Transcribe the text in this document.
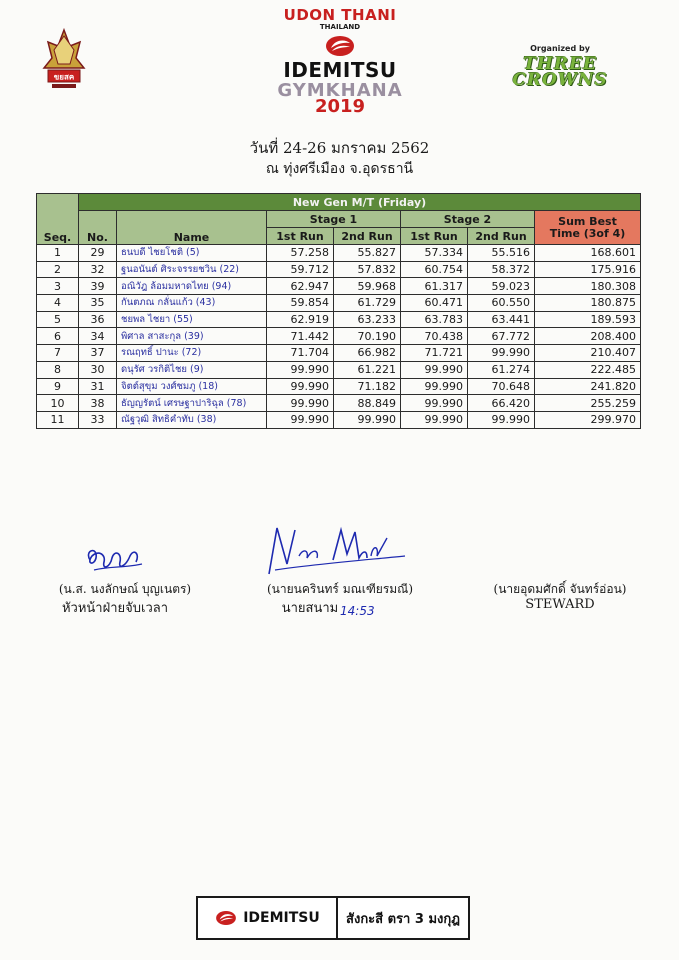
ขยสค
UDON THANI
THAILAND
IDEMITSU
GYMKHANA
2019
Organized by
THREE
CROWNS
วันที่ 24-26 มกราคม 2562
ณ ทุ่งศรีเมือง จ.อุดรธานี
Seq.	New Gen M/T (Friday)						
	No.	Name	Stage 1		Stage 2		Sum Best
Time (3of 4)

			1st Run	2nd Run	1st Run	2nd Run	
1	29	ธนบดี ไชยโชติ (5)	57.258	55.827	57.334	55.516	168.601
2	32	ฐนอนันต์ ศิระจรรยชวิน (22)	59.712	57.832	60.754	58.372	175.916
3	39	อณิวัฎ ล้อมมหาดไทย (94)	62.947	59.968	61.317	59.023	180.308
4	35	กันตภณ กลั่นแก้ว (43)	59.854	61.729	60.471	60.550	180.875
5	36	ชยพล ไชยา (55)	62.919	63.233	63.783	63.441	189.593
6	34	พิศาล สาสะกุล (39)	71.442	70.190	70.438	67.772	208.400
7	37	รณฤทธิ์ ปานะ (72)	71.704	66.982	71.721	99.990	210.407
8	30	ดนุรัศ วรกิติไชย (9)	99.990	61.221	99.990	61.274	222.485
9	31	จิตต์สุขุม วงศ์ชมภู (18)	99.990	71.182	99.990	70.648	241.820
10	38	ธัญญรัตน์ เศรษฐาปาริฉุล (78)	99.990	88.849	99.990	66.420	255.259
11	33	ณัฐวุฒิ สิทธิคำทับ (38)	99.990	99.990	99.990	99.990	299.970
(น.ส. นงลักษณ์ บุญเนตร)
หัวหน้าฝ่ายจับเวลา
(นายนครินทร์ มณเฑียรมณี)
นายสนาม 14:53
(นายอุดมศักดิ์ จันทร์อ่อน)
STEWARD
IDEMITSU	สังกะสี ตรา 3 มงกุฎ
